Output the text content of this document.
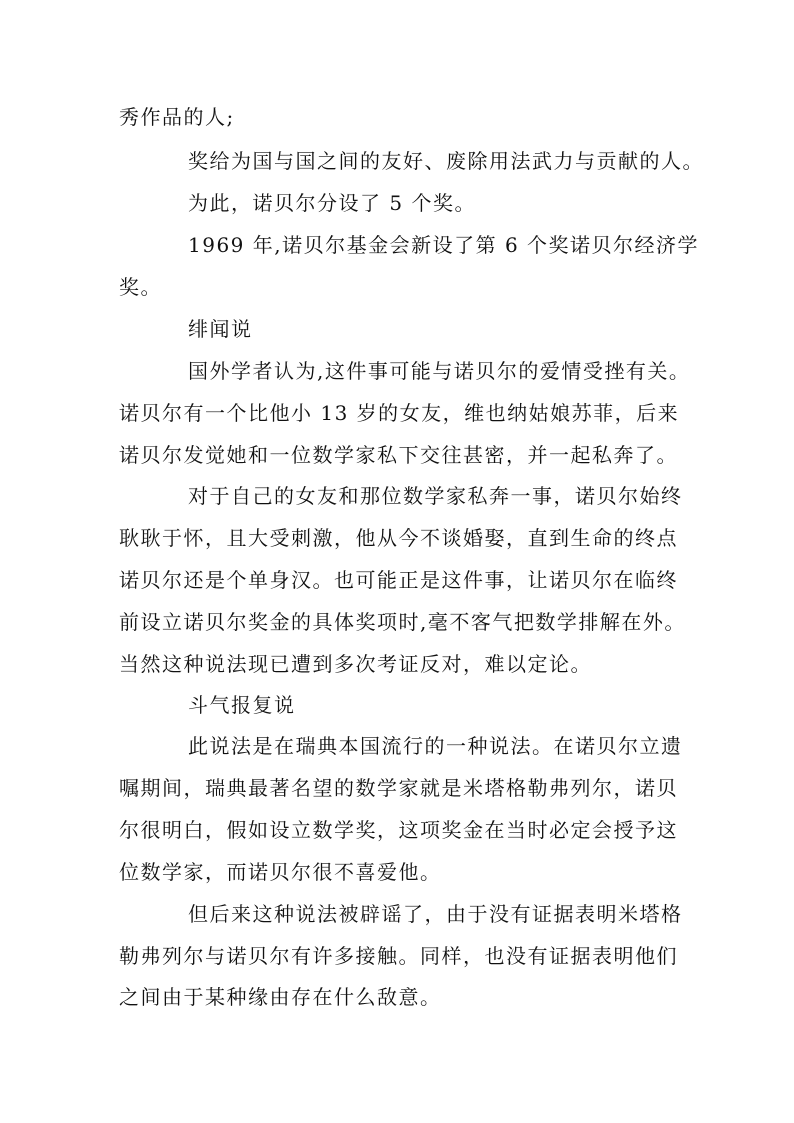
秀作品的人;
奖给为国与国之间的友好、废除用法武力与贡献的人。
为此，诺贝尔分设了 5 个奖。
1969 年,诺贝尔基金会新设了第 6 个奖诺贝尔经济学
奖。
绯闻说
国外学者认为,这件事可能与诺贝尔的爱情受挫有关。
诺贝尔有一个比他小 13 岁的女友，维也纳姑娘苏菲，后来
诺贝尔发觉她和一位数学家私下交往甚密，并一起私奔了。
对于自己的女友和那位数学家私奔一事，诺贝尔始终
耿耿于怀，且大受刺激，他从今不谈婚娶，直到生命的终点
诺贝尔还是个单身汉。也可能正是这件事，让诺贝尔在临终
前设立诺贝尔奖金的具体奖项时,毫不客气把数学排解在外。
当然这种说法现已遭到多次考证反对，难以定论。
斗气报复说
此说法是在瑞典本国流行的一种说法。在诺贝尔立遗
嘱期间，瑞典最著名望的数学家就是米塔格勒弗列尔，诺贝
尔很明白，假如设立数学奖，这项奖金在当时必定会授予这
位数学家，而诺贝尔很不喜爱他。
但后来这种说法被辟谣了，由于没有证据表明米塔格
勒弗列尔与诺贝尔有许多接触。同样，也没有证据表明他们
之间由于某种缘由存在什么敌意。
